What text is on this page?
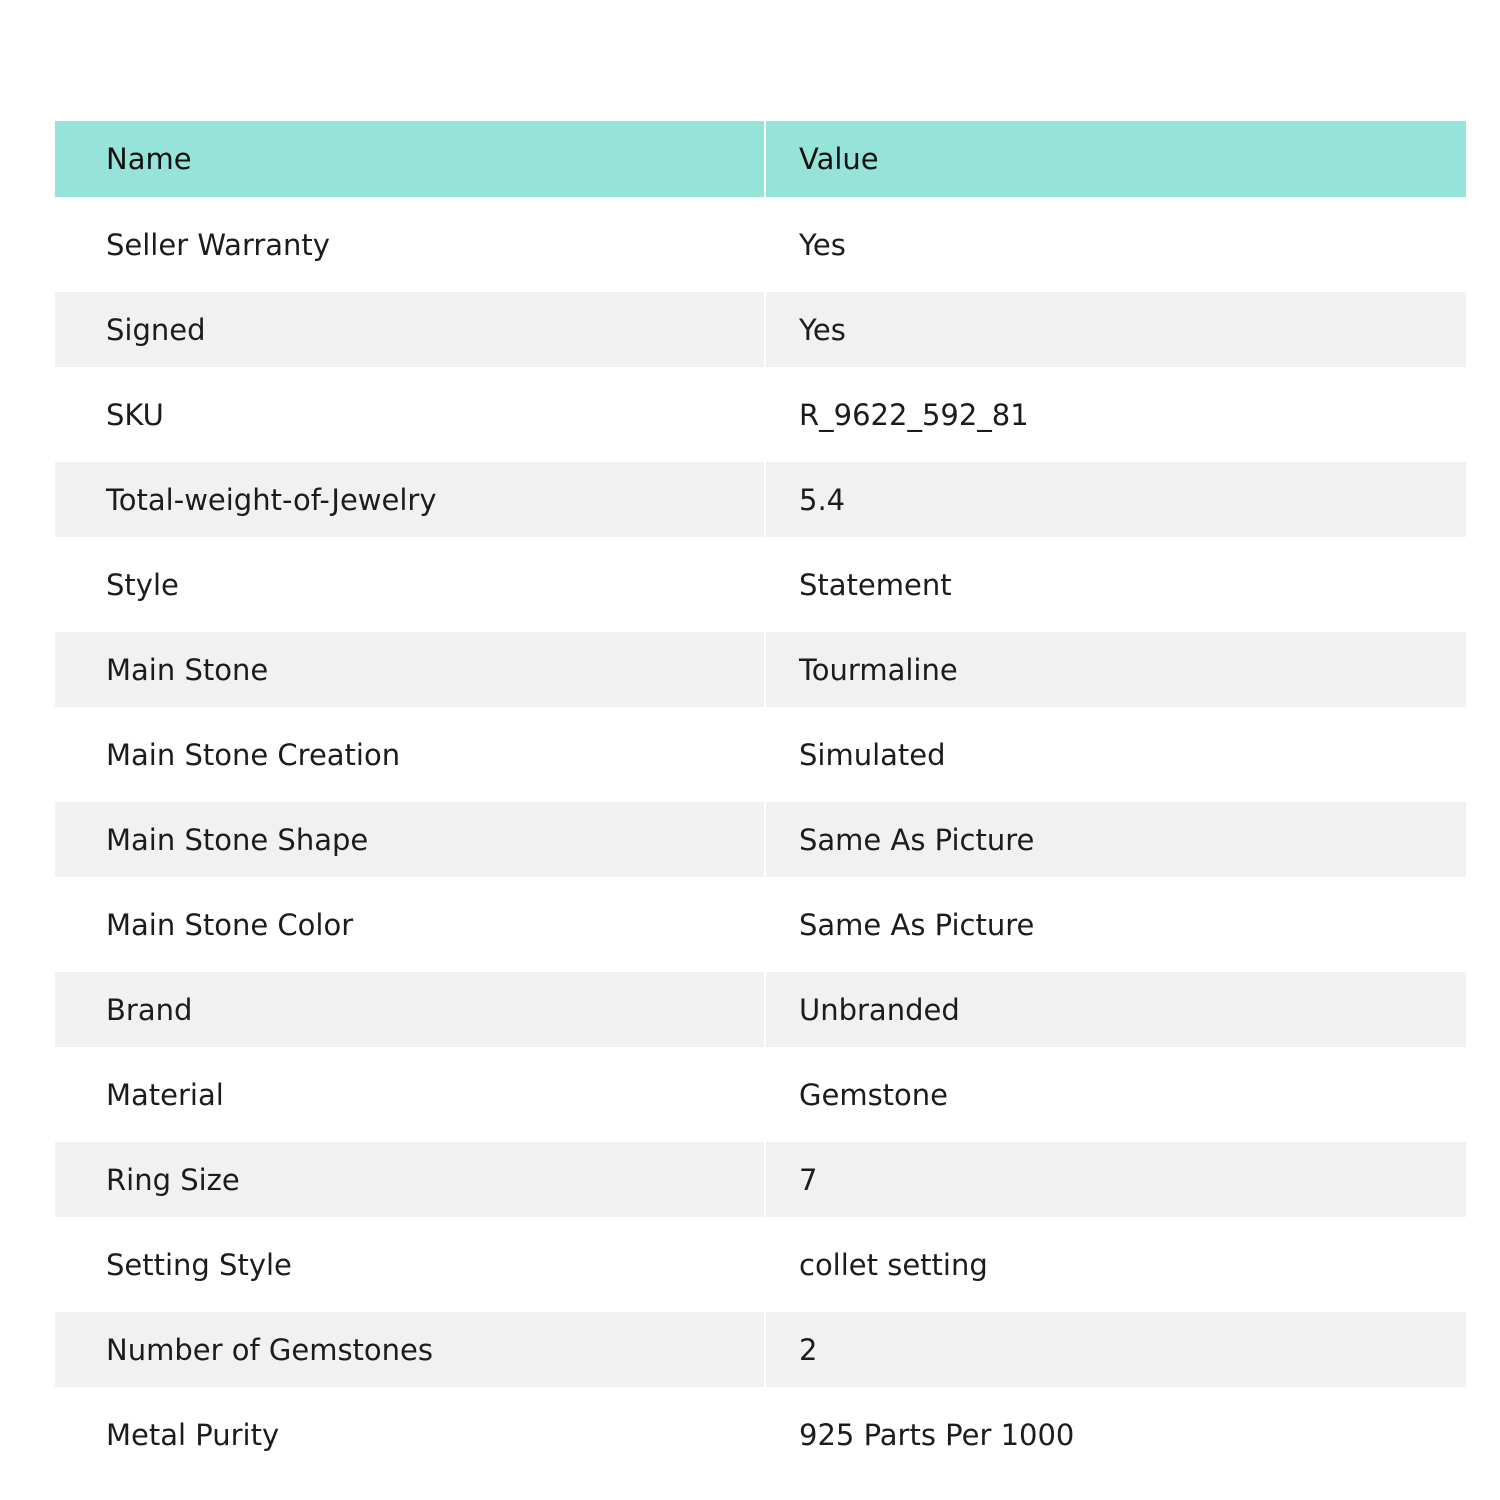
Name	Value
Seller Warranty	Yes
Signed	Yes
SKU	R_9622_592_81
Total-weight-of-Jewelry	5.4
Style	Statement
Main Stone	Tourmaline
Main Stone Creation	Simulated
Main Stone Shape	Same As Picture
Main Stone Color	Same As Picture
Brand	Unbranded
Material	Gemstone
Ring Size	7
Setting Style	collet setting
Number of Gemstones	2
Metal Purity	925 Parts Per 1000
